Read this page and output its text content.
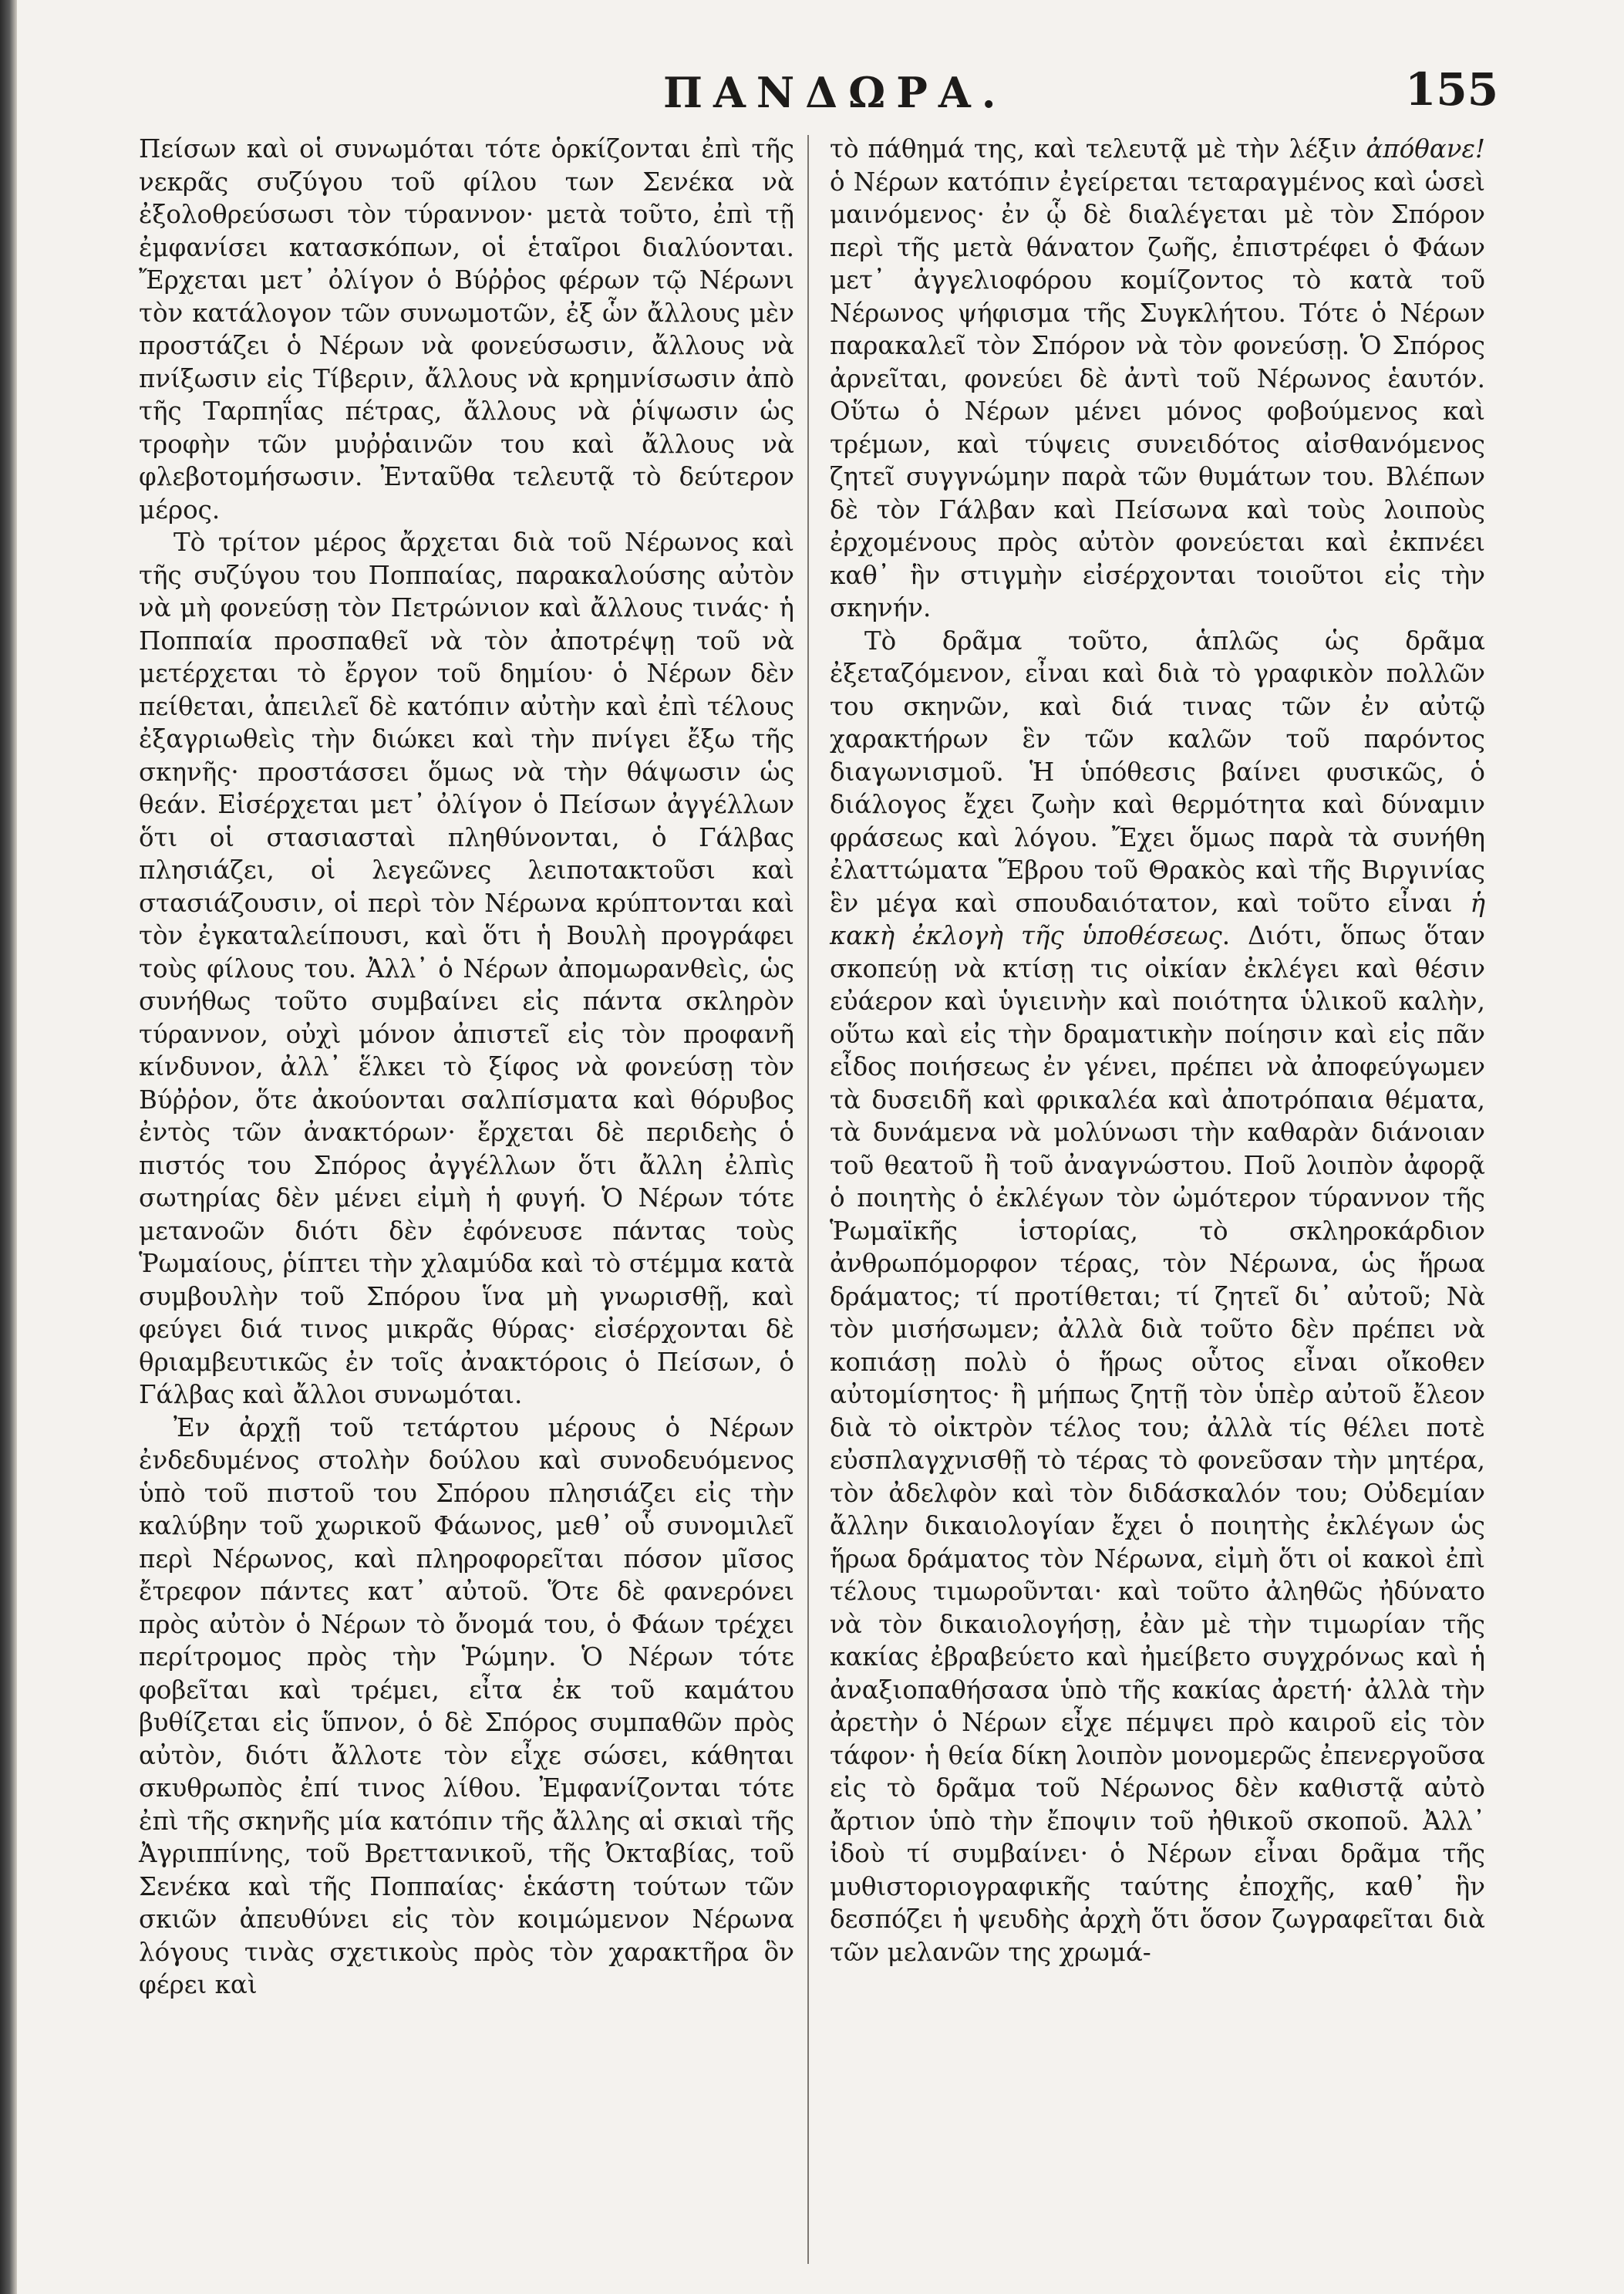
ΠΑΝΔΩΡΑ.	155

Πείσων καὶ οἱ συνωμόται τότε ὁρκίζονται ἐπὶ τῆς νεκρᾶς συζύγου τοῦ φίλου των Σενέκα νὰ ἐξολοθρεύσωσι τὸν τύραννον· μετὰ τοῦτο, ἐπὶ τῇ ἐμφανίσει κατασκόπων, οἱ ἑταῖροι διαλύονται. Ἔρχεται μετ᾽ ὀλίγον ὁ Βύῤῥος φέρων τῷ Νέρωνι τὸν κατάλογον τῶν συνωμοτῶν, ἐξ ὧν ἄλλους μὲν προστάζει ὁ Νέρων νὰ φονεύσωσιν, ἄλλους νὰ πνίξωσιν εἰς Τίβεριν, ἄλλους νὰ κρημνίσωσιν ἀπὸ τῆς Ταρπηΐας πέτρας, ἄλλους νὰ ῥίψωσιν ὡς τροφὴν τῶν μυῤῥαινῶν του καὶ ἄλλους νὰ φλεβοτομήσωσιν. Ἐνταῦθα τελευτᾷ τὸ δεύτερον μέρος.

Τὸ τρίτον μέρος ἄρχεται διὰ τοῦ Νέρωνος καὶ τῆς συζύγου του Ποππαίας, παρακαλούσης αὐτὸν νὰ μὴ φονεύσῃ τὸν Πετρώνιον καὶ ἄλλους τινάς· ἡ Ποππαία προσπαθεῖ νὰ τὸν ἀποτρέψῃ τοῦ νὰ μετέρχεται τὸ ἔργον τοῦ δημίου· ὁ Νέρων δὲν πείθεται, ἀπειλεῖ δὲ κατόπιν αὐτὴν καὶ ἐπὶ τέλους ἐξαγριωθεὶς τὴν διώκει καὶ τὴν πνίγει ἔξω τῆς σκηνῆς· προστάσσει ὅμως νὰ τὴν θάψωσιν ὡς θεάν. Εἰσέρχεται μετ᾽ ὀλίγον ὁ Πείσων ἀγγέλλων ὅτι οἱ στασιασταὶ πληθύνονται, ὁ Γάλβας πλησιάζει, οἱ λεγεῶνες λειποτακτοῦσι καὶ στασιάζουσιν, οἱ περὶ τὸν Νέρωνα κρύπτονται καὶ τὸν ἐγκαταλείπουσι, καὶ ὅτι ἡ Βουλὴ προγράφει τοὺς φίλους του. Ἀλλ᾽ ὁ Νέρων ἀπομωρανθεὶς, ὡς συνήθως τοῦτο συμβαίνει εἰς πάντα σκληρὸν τύραννον, οὐχὶ μόνον ἀπιστεῖ εἰς τὸν προφανῆ κίνδυνον, ἀλλ᾽ ἕλκει τὸ ξίφος νὰ φονεύσῃ τὸν Βύῤῥον, ὅτε ἀκούονται σαλπίσματα καὶ θόρυβος ἐντὸς τῶν ἀνακτόρων· ἔρχεται δὲ περιδεὴς ὁ πιστός του Σπόρος ἀγγέλλων ὅτι ἄλλη ἐλπὶς σωτηρίας δὲν μένει εἰμὴ ἡ φυγή. Ὁ Νέρων τότε μετανοῶν διότι δὲν ἐφόνευσε πάντας τοὺς Ῥωμαίους, ῥίπτει τὴν χλαμύδα καὶ τὸ στέμμα κατὰ συμβουλὴν τοῦ Σπόρου ἵνα μὴ γνωρισθῇ, καὶ φεύγει διά τινος μικρᾶς θύρας· εἰσέρχονται δὲ θριαμβευτικῶς ἐν τοῖς ἀνακτόροις ὁ Πείσων, ὁ Γάλβας καὶ ἄλλοι συνωμόται.

Ἐν ἀρχῇ τοῦ τετάρτου μέρους ὁ Νέρων ἐνδεδυμένος στολὴν δούλου καὶ συνοδευόμενος ὑπὸ τοῦ πιστοῦ του Σπόρου πλησιάζει εἰς τὴν καλύβην τοῦ χωρικοῦ Φάωνος, μεθ᾽ οὗ συνομιλεῖ περὶ Νέρωνος, καὶ πληροφορεῖται πόσον μῖσος ἔτρεφον πάντες κατ᾽ αὐτοῦ. Ὅτε δὲ φανερόνει πρὸς αὐτὸν ὁ Νέρων τὸ ὄνομά του, ὁ Φάων τρέχει περίτρομος πρὸς τὴν Ῥώμην. Ὁ Νέρων τότε φοβεῖται καὶ τρέμει, εἶτα ἐκ τοῦ καμάτου βυθίζεται εἰς ὕπνον, ὁ δὲ Σπόρος συμπαθῶν πρὸς αὐτὸν, διότι ἄλλοτε τὸν εἶχε σώσει, κάθηται σκυθρωπὸς ἐπί τινος λίθου. Ἐμφανίζονται τότε ἐπὶ τῆς σκηνῆς μία κατόπιν τῆς ἄλλης αἱ σκιαὶ τῆς Ἀγριππίνης, τοῦ Βρεττανικοῦ, τῆς Ὀκταβίας, τοῦ Σενέκα καὶ τῆς Ποππαίας· ἑκάστη τούτων τῶν σκιῶν ἀπευθύνει εἰς τὸν κοιμώμενον Νέρωνα λόγους τινὰς σχετικοὺς πρὸς τὸν χαρακτῆρα ὃν φέρει καὶ

τὸ πάθημά της, καὶ τελευτᾷ μὲ τὴν λέξιν ἀπόθανε! ὁ Νέρων κατόπιν ἐγείρεται τεταραγμένος καὶ ὡσεὶ μαινόμενος· ἐν ᾧ δὲ διαλέγεται μὲ τὸν Σπόρον περὶ τῆς μετὰ θάνατον ζωῆς, ἐπιστρέφει ὁ Φάων μετ᾽ ἀγγελιοφόρου κομίζοντος τὸ κατὰ τοῦ Νέρωνος ψήφισμα τῆς Συγκλήτου. Τότε ὁ Νέρων παρακαλεῖ τὸν Σπόρον νὰ τὸν φονεύσῃ. Ὁ Σπόρος ἀρνεῖται, φονεύει δὲ ἀντὶ τοῦ Νέρωνος ἑαυτόν. Οὕτω ὁ Νέρων μένει μόνος φοβούμενος καὶ τρέμων, καὶ τύψεις συνειδότος αἰσθανόμενος ζητεῖ συγγνώμην παρὰ τῶν θυμάτων του. Βλέπων δὲ τὸν Γάλβαν καὶ Πείσωνα καὶ τοὺς λοιποὺς ἐρχομένους πρὸς αὐτὸν φονεύεται καὶ ἐκπνέει καθ᾽ ἣν στιγμὴν εἰσέρχονται τοιοῦτοι εἰς τὴν σκηνήν.

Τὸ δρᾶμα τοῦτο, ἁπλῶς ὡς δρᾶμα ἐξεταζόμενον, εἶναι καὶ διὰ τὸ γραφικὸν πολλῶν του σκηνῶν, καὶ διά τινας τῶν ἐν αὐτῷ χαρακτήρων ἓν τῶν καλῶν τοῦ παρόντος διαγωνισμοῦ. Ἡ ὑπόθεσις βαίνει φυσικῶς, ὁ διάλογος ἔχει ζωὴν καὶ θερμότητα καὶ δύναμιν φράσεως καὶ λόγου. Ἔχει ὅμως παρὰ τὰ συνήθη ἐλαττώματα Ἕβρου τοῦ Θρακὸς καὶ τῆς Βιργινίας ἓν μέγα καὶ σπουδαιότατον, καὶ τοῦτο εἶναι ἡ κακὴ ἐκλογὴ τῆς ὑποθέσεως. Διότι, ὅπως ὅταν σκοπεύῃ νὰ κτίσῃ τις οἰκίαν ἐκλέγει καὶ θέσιν εὐάερον καὶ ὑγιεινὴν καὶ ποιότητα ὑλικοῦ καλὴν, οὕτω καὶ εἰς τὴν δραματικὴν ποίησιν καὶ εἰς πᾶν εἶδος ποιήσεως ἐν γένει, πρέπει νὰ ἀποφεύγωμεν τὰ δυσειδῆ καὶ φρικαλέα καὶ ἀποτρόπαια θέματα, τὰ δυνάμενα νὰ μολύνωσι τὴν καθαρὰν διάνοιαν τοῦ θεατοῦ ἢ τοῦ ἀναγνώστου. Ποῦ λοιπὸν ἀφορᾷ ὁ ποιητὴς ὁ ἐκλέγων τὸν ὠμότερον τύραννον τῆς Ῥωμαϊκῆς ἱστορίας, τὸ σκληροκάρδιον ἀνθρωπόμορφον τέρας, τὸν Νέρωνα, ὡς ἥρωα δράματος; τί προτίθεται; τί ζητεῖ δι᾽ αὐτοῦ; Νὰ τὸν μισήσωμεν; ἀλλὰ διὰ τοῦτο δὲν πρέπει νὰ κοπιάσῃ πολὺ ὁ ἥρως οὗτος εἶναι οἴκοθεν αὐτομίσητος· ἢ μήπως ζητῇ τὸν ὑπὲρ αὐτοῦ ἔλεον διὰ τὸ οἰκτρὸν τέλος του; ἀλλὰ τίς θέλει ποτὲ εὐσπλαγχνισθῇ τὸ τέρας τὸ φονεῦσαν τὴν μητέρα, τὸν ἀδελφὸν καὶ τὸν διδάσκαλόν του; Οὐδεμίαν ἄλλην δικαιολογίαν ἔχει ὁ ποιητὴς ἐκλέγων ὡς ἥρωα δράματος τὸν Νέρωνα, εἰμὴ ὅτι οἱ κακοὶ ἐπὶ τέλους τιμωροῦνται· καὶ τοῦτο ἀληθῶς ἠδύνατο νὰ τὸν δικαιολογήσῃ, ἐὰν μὲ τὴν τιμωρίαν τῆς κακίας ἐβραβεύετο καὶ ἠμείβετο συγχρόνως καὶ ἡ ἀναξιοπαθήσασα ὑπὸ τῆς κακίας ἀρετή· ἀλλὰ τὴν ἀρετὴν ὁ Νέρων εἶχε πέμψει πρὸ καιροῦ εἰς τὸν τάφον· ἡ θεία δίκη λοιπὸν μονομερῶς ἐπενεργοῦσα εἰς τὸ δρᾶμα τοῦ Νέρωνος δὲν καθιστᾷ αὐτὸ ἄρτιον ὑπὸ τὴν ἔποψιν τοῦ ἠθικοῦ σκοποῦ. Ἀλλ᾽ ἰδοὺ τί συμβαίνει· ὁ Νέρων εἶναι δρᾶμα τῆς μυθιστοριογραφικῆς ταύτης ἐποχῆς, καθ᾽ ἣν δεσπόζει ἡ ψευδὴς ἀρχὴ ὅτι ὅσον ζωγραφεῖται διὰ τῶν μελανῶν της χρωμά-
